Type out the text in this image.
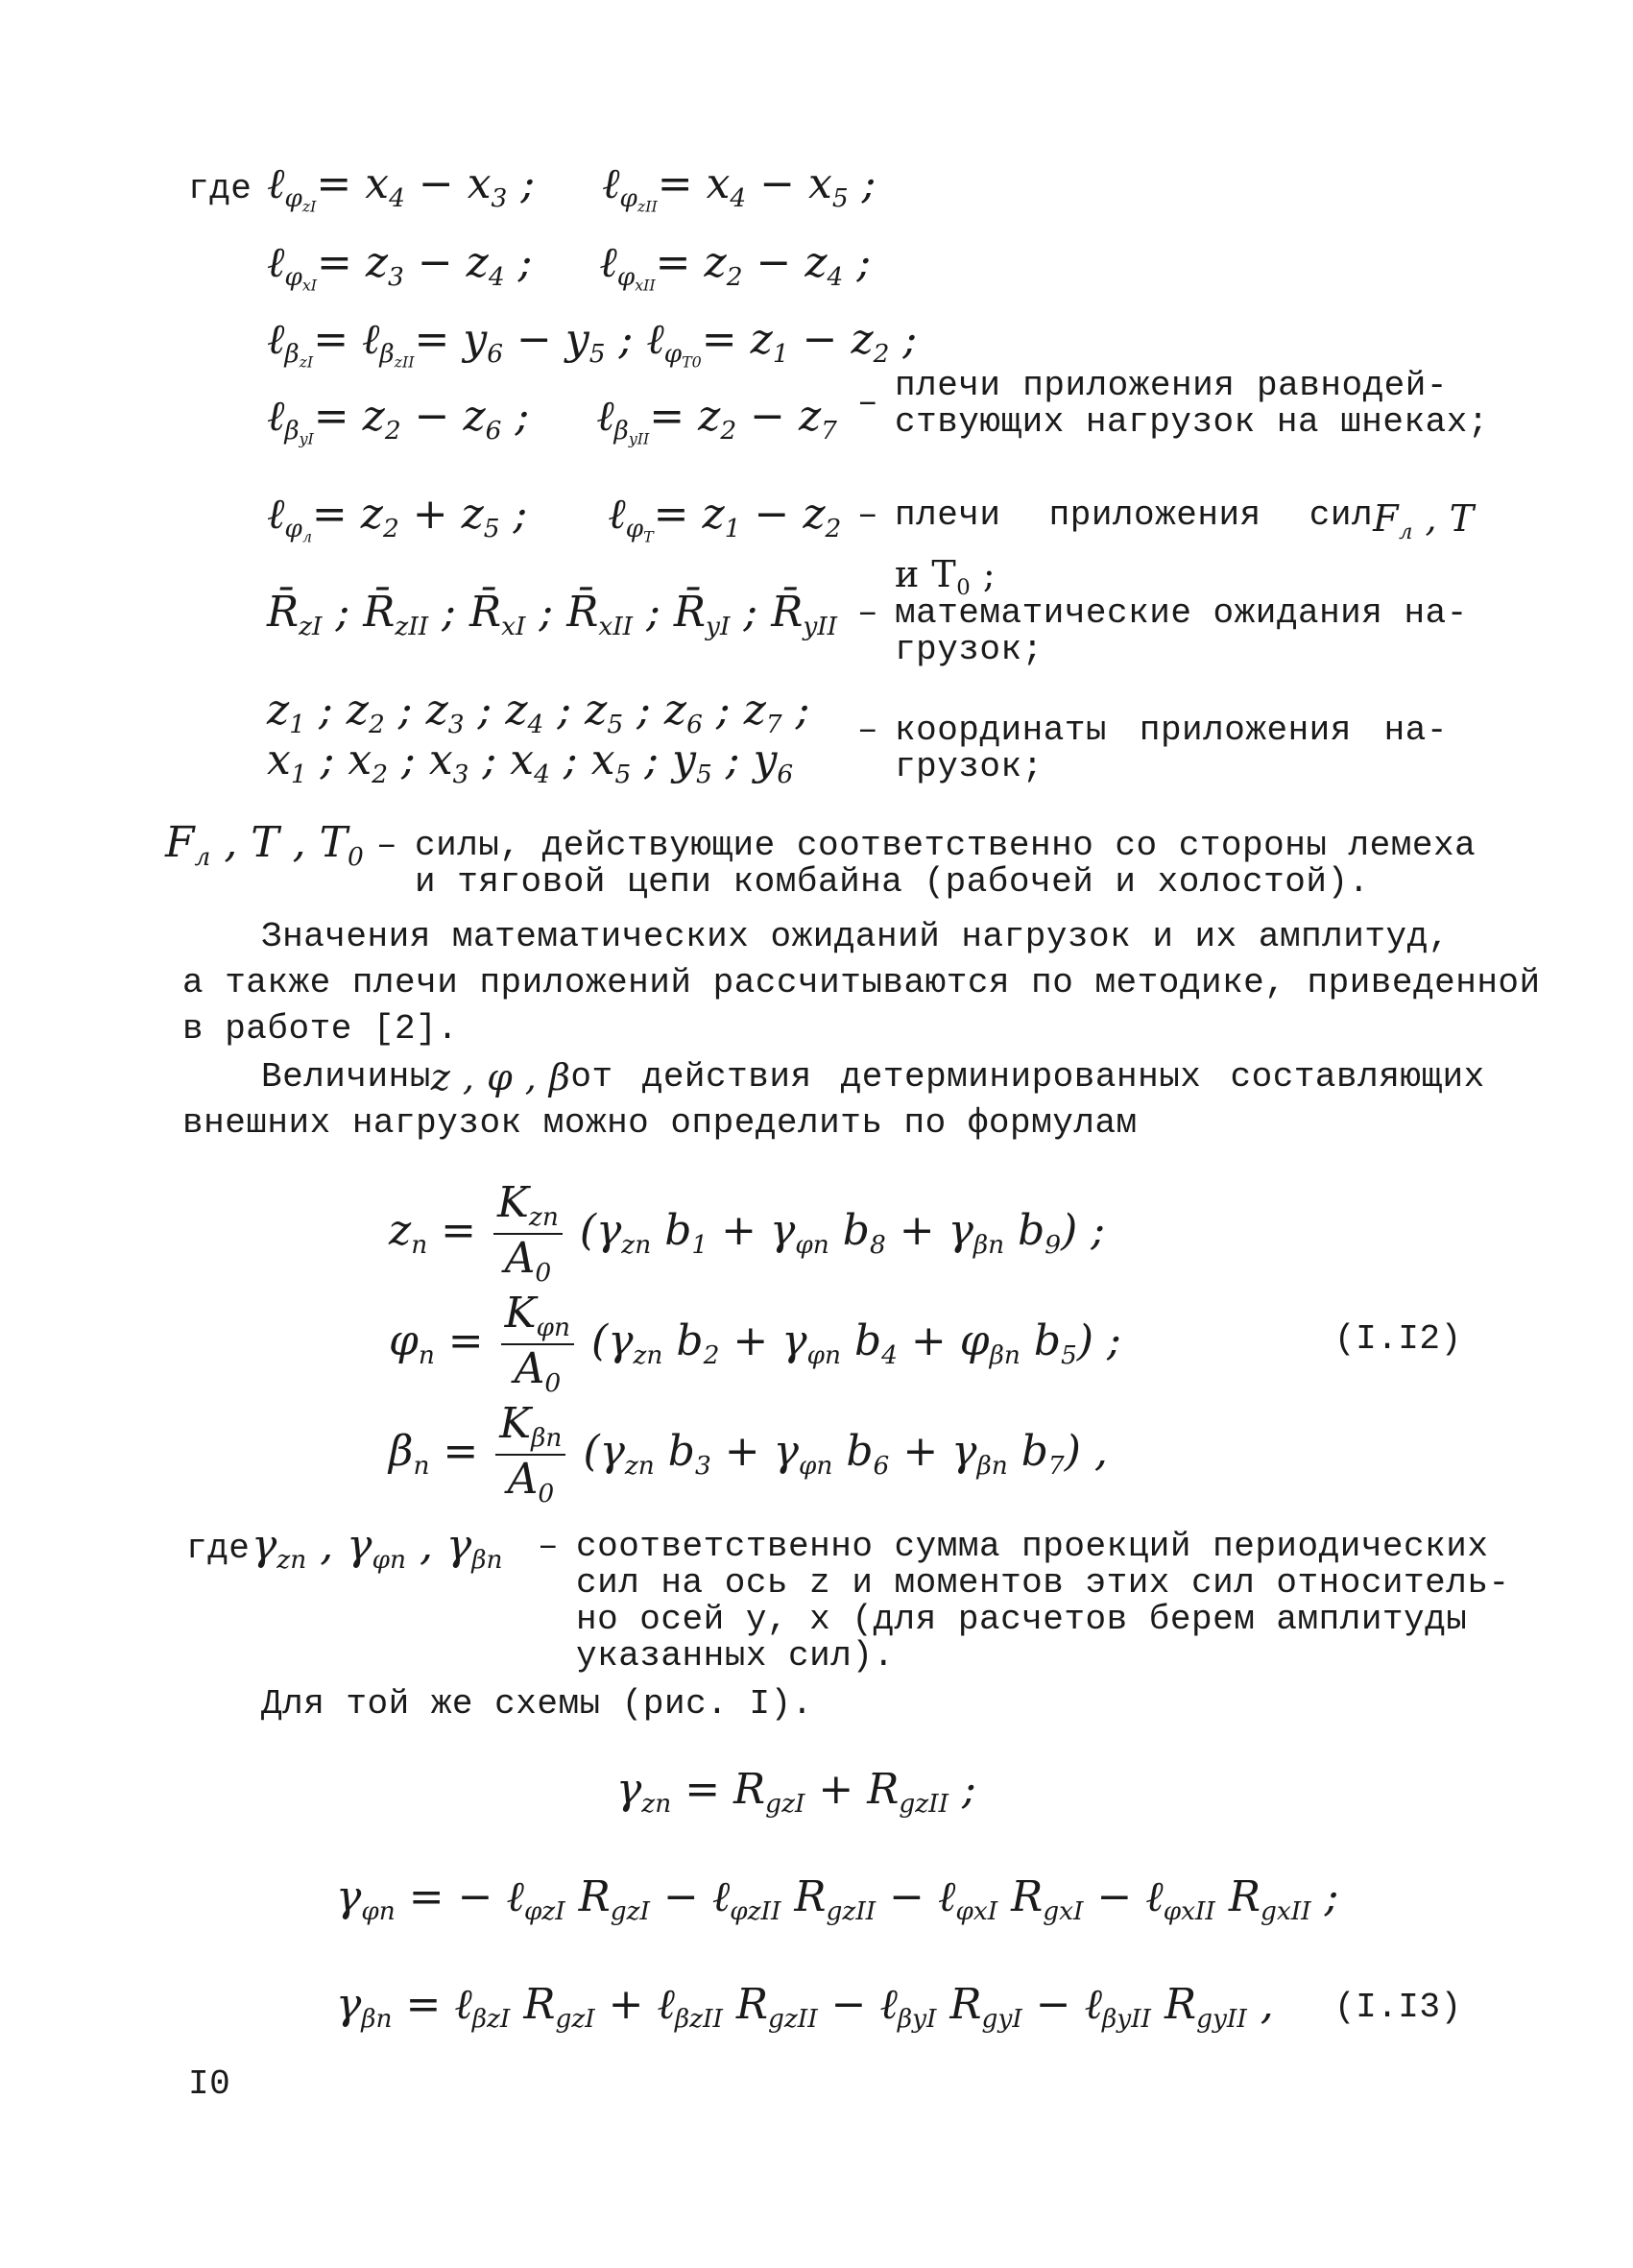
где ℓ$_{\varphi_{zI}}$= $x_4 - x_3$ ;     ℓ$_{\varphi_{zII}}$= $x_4 - x_5$ ;
ℓ$_{\varphi_{xI}}$= $z_3 - z_4$ ;     ℓ$_{\varphi_{xII}}$= $z_2 - z_4$ ;
ℓ$_{\beta_{zI}}$= ℓ$_{\beta_{zII}}$= $y_6 - y_5$ ; ℓ$_{\varphi_{T0}}$= $z_1 - z_2$ ;
ℓ$_{\beta_{yI}}$= $z_2 - z_6$ ;     ℓ$_{\beta_{yII}}$= $z_2 - z_7$
ℓ$_{\varphi_л}$= $z_2 + z_5$ ;      ℓ$_{\varphi_T}$= $z_1 - z_2$
$R̄_{zI}$ ; $R̄_{zII}$ ; $R̄_{xI}$ ; $R̄_{xII}$ ; $R̄_{yI}$ ; $R̄_{yII}$
$z_1$ ; $z_2$ ; $z_3$ ; $z_4$ ; $z_5$ ; $z_6$ ; $z_7$ ;
$x_1$ ; $x_2$ ; $x_3$ ; $x_4$ ; $x_5$ ; $y_5$ ; $y_6$
– плечи приложения равнодей-
ствующих нагрузок на шнеках;
– плечи приложения сил $F_л$ , T
и $T_0$ ;
– математические ожидания на-
грузок;
– координаты приложения на-
грузок;
$F_л$ , T , $T_0$ – силы, действующие соответственно со стороны лемеха
и тяговой цепи комбайна (рабочей и холостой).
Значения математических ожиданий нагрузок и их амплитуд,
а также плечи приложений рассчитываются по методике, приведенной
в работе [2].
Величины z , φ , β от действия детерминированных составляющих
внешних нагрузок можно определить по формулам
$z_n = \frac{K_{zn}}{A_0} (\gamma_{zn}$ $b_1 + \gamma_{\varphi n}$ $b_8 + \gamma_{\beta n}$ $b_9$) ;
$\varphi_n = \frac{K_{\varphi n}}{A_0} (\gamma_{zn}$ $b_2 + \gamma_{\varphi n}$ $b_4 + \varphi_{\beta n}$ $b_5$) ;
$\beta_n = \frac{K_{\beta n}}{A_0} (\gamma_{zn}$ $b_3 + \gamma_{\varphi n}$ $b_6 + \gamma_{\beta n}$ $b_7$) ,
(I.I2)
где $\gamma_{zn}$ , $\gamma_{\varphi n}$ , $\gamma_{\beta n}$ – соответственно сумма проекций периодических
сил на ось z и моментов этих сил относитель-
но осей y, x (для расчетов берем амплитуды
указанных сил).
Для той же схемы (рис. I).
$\gamma_{zn} = R_{gzI} + R_{gzII}$ ;
$\gamma_{\varphi n}$ = − ℓ$_{\varphi zI}$ $R_{gzI}$ − ℓ$_{\varphi zII}$ $R_{gzII}$ − ℓ$_{\varphi xI}$ $R_{gxI}$ − ℓ$_{\varphi xII}$ $R_{gxII}$ ;
$\gamma_{\beta n}$ = ℓ$_{\beta zI}$ $R_{gzI}$ + ℓ$_{\beta zII}$ $R_{gzII}$ − ℓ$_{\beta yI}$ $R_{gyI}$ − ℓ$_{\beta yII}$ $R_{gyII}$ , (I.I3)
I0
